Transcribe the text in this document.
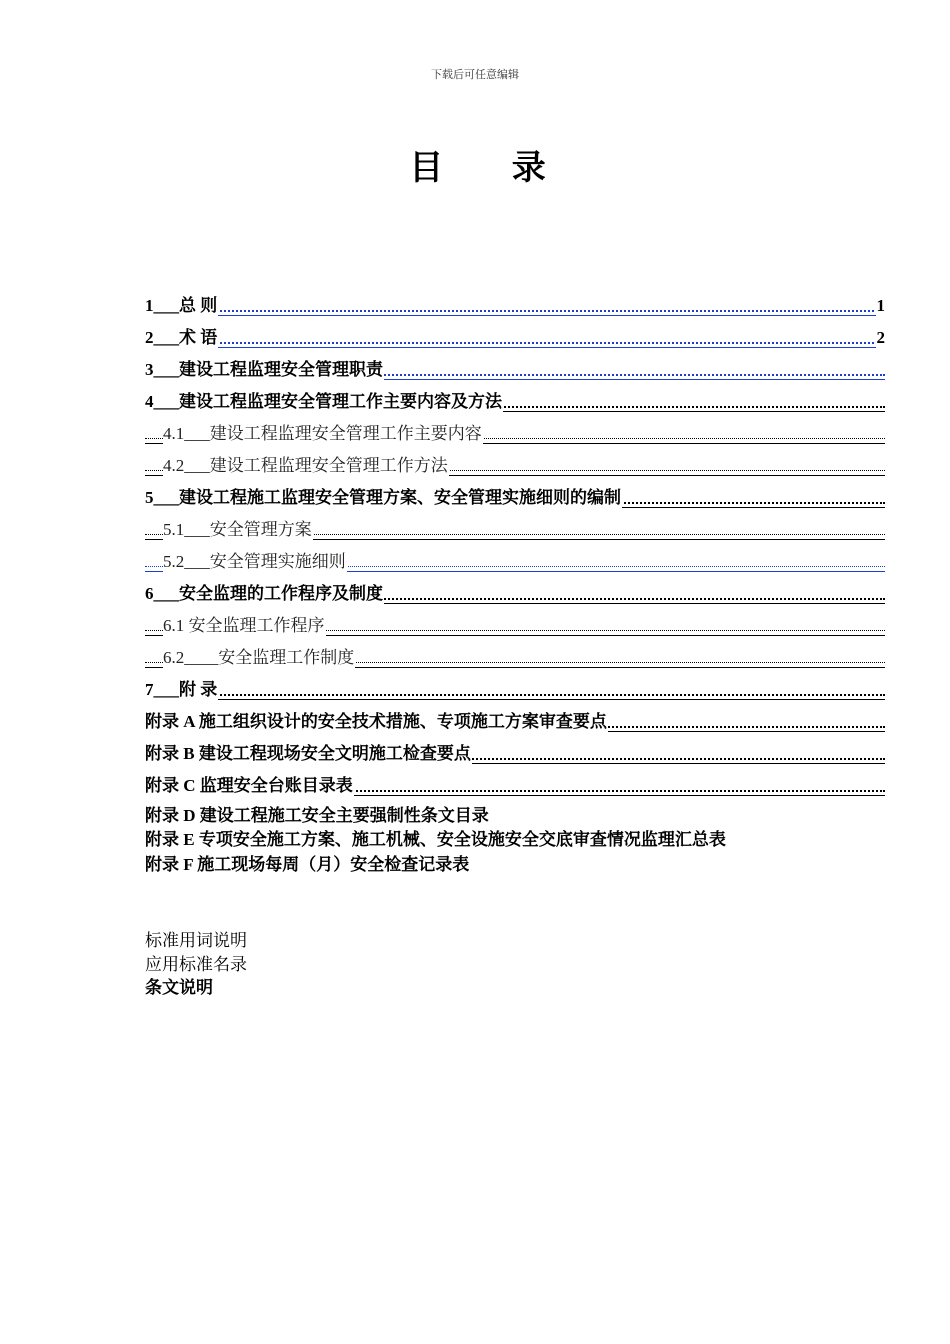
下载后可任意编辑
目 录
1___总 则	1
2___术 语	2
3___建设工程监理安全管理职责
4___建设工程监理安全管理工作主要内容及方法
4.1___建设工程监理安全管理工作主要内容
4.2___建设工程监理安全管理工作方法
5___建设工程施工监理安全管理方案、安全管理实施细则的编制
5.1___安全管理方案
5.2___安全管理实施细则
6___安全监理的工作程序及制度
6.1 安全监理工作程序
6.2____安全监理工作制度
7___附 录
附录 A 施工组织设计的安全技术措施、专项施工方案审查要点
附录 B 建设工程现场安全文明施工检查要点
附录 C 监理安全台账目录表
附录 D 建设工程施工安全主要强制性条文目录
附录 E 专项安全施工方案、施工机械、安全设施安全交底审查情况监理汇总表
附录 F 施工现场每周（月）安全检查记录表
标准用词说明
应用标准名录
条文说明
